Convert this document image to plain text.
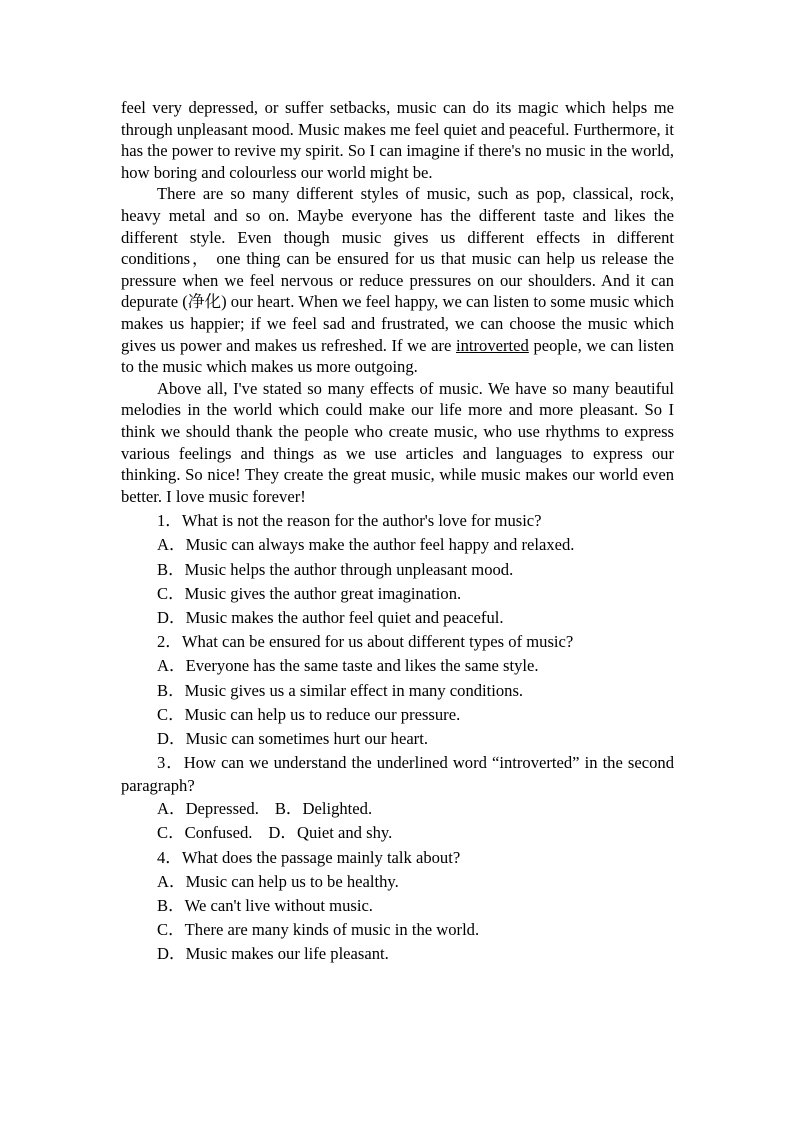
feel very depressed, or suffer setbacks, music can do its magic which helps me through unpleasant mood. Music makes me feel quiet and peaceful. Furthermore, it has the power to revive my spirit. So I can imagine if there's no music in the world, how boring and colourless our world might be.

There are so many different styles of music, such as pop, classical, rock, heavy metal and so on. Maybe everyone has the different taste and likes the different style. Even though music gives us different effects in different conditions， one thing can be ensured for us that music can help us release the pressure when we feel nervous or reduce pressures on our shoulders. And it can depurate (净化) our heart. When we feel happy, we can listen to some music which makes us happier; if we feel sad and frustrated, we can choose the music which gives us power and makes us refreshed. If we are introverted people, we can listen to the music which makes us more outgoing.

Above all, I've stated so many effects of music. We have so many beautiful melodies in the world which could make our life more and more pleasant. So I think we should thank the people who create music, who use rhythms to express various feelings and things as we use articles and languages to express our thinking. So nice! They create the great music, while music makes our world even better. I love music forever!

1．What is not the reason for the author's love for music?

A．Music can always make the author feel happy and relaxed.

B．Music helps the author through unpleasant mood.

C．Music gives the author great imagination.

D．Music makes the author feel quiet and peaceful.

2．What can be ensured for us about different types of music?

A．Everyone has the same taste and likes the same style.

B．Music gives us a similar effect in many conditions.

C．Music can help us to reduce our pressure.

D．Music can sometimes hurt our heart.

3．How can we understand the underlined word “introverted” in the second paragraph?

A．Depressed. B．Delighted.

C．Confused. D．Quiet and shy.

4．What does the passage mainly talk about?

A．Music can help us to be healthy.

B．We can't live without music.

C．There are many kinds of music in the world.

D．Music makes our life pleasant.
